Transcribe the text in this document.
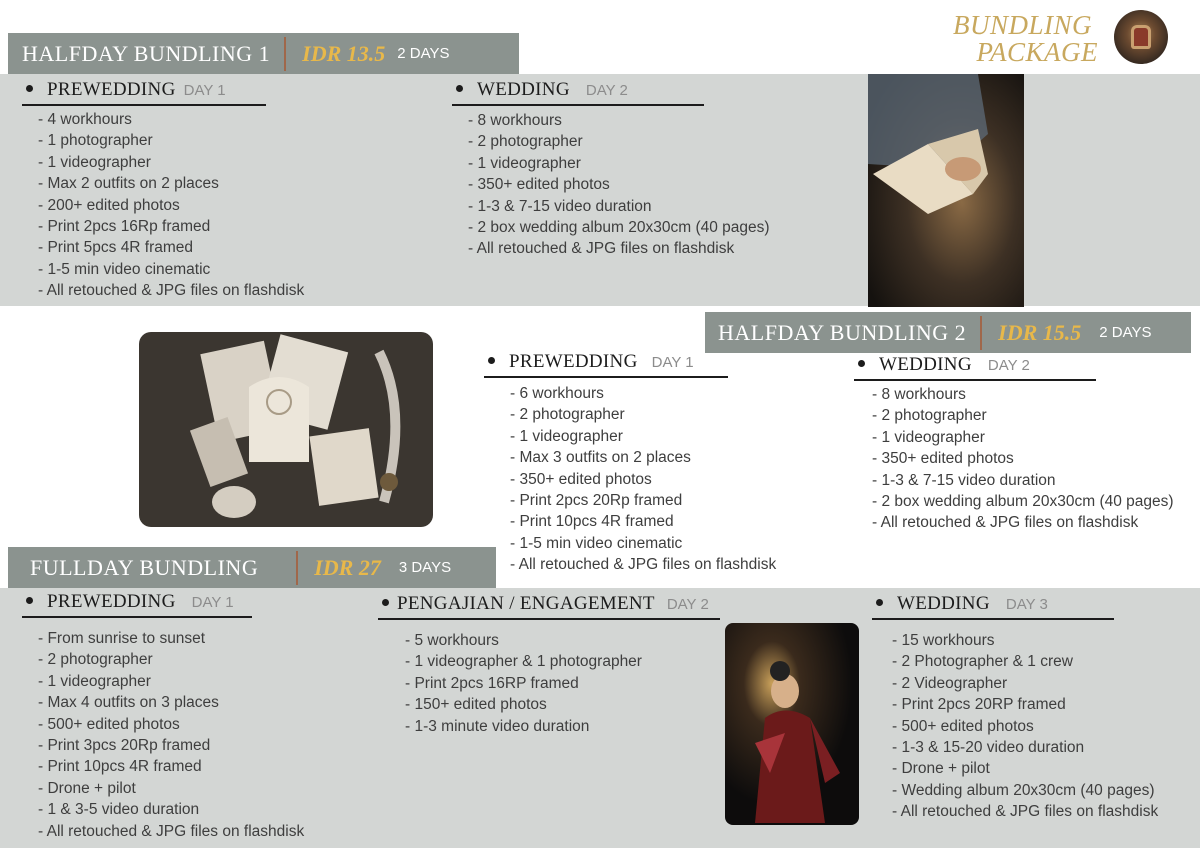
BUNDLING
PACKAGE
HALFDAY BUNDLING 1 IDR 13.5 2 DAYS
PREWEDDING DAY 1
- 4 workhours
- 1 photographer
- 1 videographer
- Max 2 outfits on 2 places
- 200+ edited photos
- Print 2pcs 16Rp framed
- Print 5pcs 4R framed
- 1-5 min video cinematic
- All retouched & JPG files on flashdisk
WEDDING DAY 2
- 8 workhours
- 2 photographer
- 1 videographer
- 350+ edited photos
- 1-3 & 7-15 video duration
- 2 box wedding album 20x30cm (40 pages)
- All retouched & JPG files on flashdisk
HALFDAY BUNDLING 2 IDR 15.5 2 DAYS
PREWEDDING DAY 1
- 6 workhours
- 2 photographer
- 1 videographer
- Max 3 outfits on 2 places
- 350+ edited photos
- Print 2pcs 20Rp framed
- Print 10pcs 4R framed
- 1-5 min video cinematic
- All retouched & JPG files on flashdisk
WEDDING DAY 2
- 8 workhours
- 2 photographer
- 1 videographer
- 350+ edited photos
- 1-3 & 7-15 video duration
- 2 box wedding album 20x30cm (40 pages)
- All retouched & JPG files on flashdisk
FULLDAY BUNDLING	IDR 27 3 DAYS
PREWEDDING DAY 1
- From sunrise to sunset
- 2 photographer
- 1 videographer
- Max 4 outfits on 3 places
- 500+ edited photos
- Print 3pcs 20Rp framed
- Print 10pcs 4R framed
- Drone + pilot
- 1 & 3-5 video duration
- All retouched & JPG files on flashdisk
PENGAJIAN / ENGAGEMENT DAY 2
- 5 workhours
- 1 videographer & 1 photographer
- Print 2pcs 16RP framed
- 150+ edited photos
- 1-3 minute video duration
WEDDING DAY 3
- 15 workhours
- 2 Photographer & 1 crew
- 2 Videographer
- Print 2pcs 20RP framed
- 500+ edited photos
- 1-3 & 15-20 video duration
- Drone + pilot
- Wedding album 20x30cm (40 pages)
- All retouched & JPG files on flashdisk
